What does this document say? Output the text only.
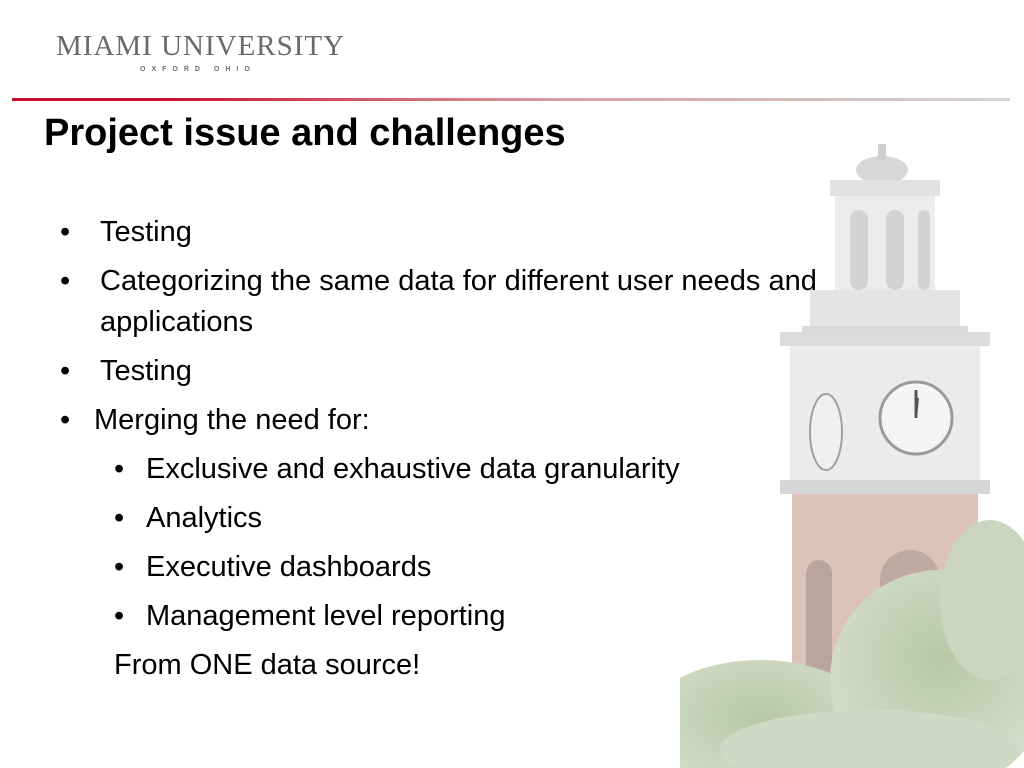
MIAMI UNIVERSITY
OXFORD OHIO
Project issue and challenges
• Testing
• Categorizing the same data for different user needs and
applications
• Testing
• Merging the need for:
• Exclusive and exhaustive data granularity
• Analytics
• Executive dashboards
• Management level reporting
From ONE data source!
